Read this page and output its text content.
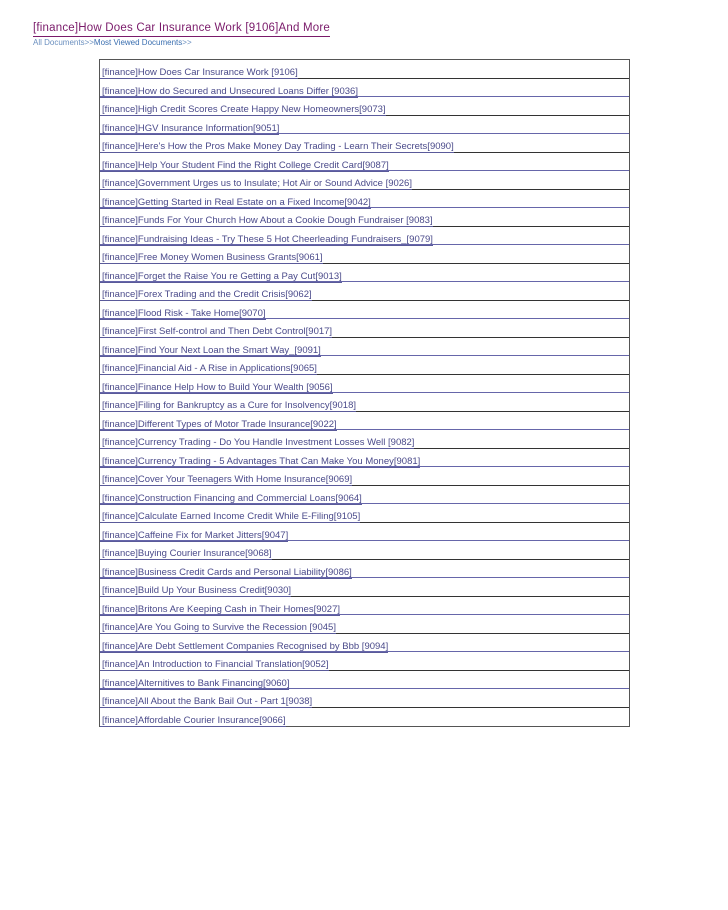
[finance]How Does Car Insurance Work [9106]And More
All Documents>>Most Viewed Documents>>
[finance]How Does Car Insurance Work [9106]
[finance]How do Secured and Unsecured Loans Differ [9036]
[finance]High Credit Scores Create Happy New Homeowners[9073]
[finance]HGV Insurance Information[9051]
[finance]Here's How the Pros Make Money Day Trading - Learn Their Secrets[9090]
[finance]Help Your Student Find the Right College Credit Card[9087]
[finance]Government Urges us to Insulate; Hot Air or Sound Advice [9026]
[finance]Getting Started in Real Estate on a Fixed Income[9042]
[finance]Funds For Your Church How About a Cookie Dough Fundraiser [9083]
[finance]Fundraising Ideas - Try These 5 Hot Cheerleading Fundraisers_[9079]
[finance]Free Money Women Business Grants[9061]
[finance]Forget the Raise You re Getting a Pay Cut[9013]
[finance]Forex Trading and the Credit Crisis[9062]
[finance]Flood Risk - Take Home[9070]
[finance]First Self-control and Then Debt Control[9017]
[finance]Find Your Next Loan the Smart Way_[9091]
[finance]Financial Aid - A Rise in Applications[9065]
[finance]Finance Help How to Build Your Wealth [9056]
[finance]Filing for Bankruptcy as a Cure for Insolvency[9018]
[finance]Different Types of Motor Trade Insurance[9022]
[finance]Currency Trading - Do You Handle Investment Losses Well [9082]
[finance]Currency Trading - 5 Advantages That Can Make You Money[9081]
[finance]Cover Your Teenagers With Home Insurance[9069]
[finance]Construction Financing and Commercial Loans[9064]
[finance]Calculate Earned Income Credit While E-Filing[9105]
[finance]Caffeine Fix for Market Jitters[9047]
[finance]Buying Courier Insurance[9068]
[finance]Business Credit Cards and Personal Liability[9086]
[finance]Build Up Your Business Credit[9030]
[finance]Britons Are Keeping Cash in Their Homes[9027]
[finance]Are You Going to Survive the Recession [9045]
[finance]Are Debt Settlement Companies Recognised by Bbb [9094]
[finance]An Introduction to Financial Translation[9052]
[finance]Alternitives to Bank Financing[9060]
[finance]All About the Bank Bail Out - Part 1[9038]
[finance]Affordable Courier Insurance[9066]
